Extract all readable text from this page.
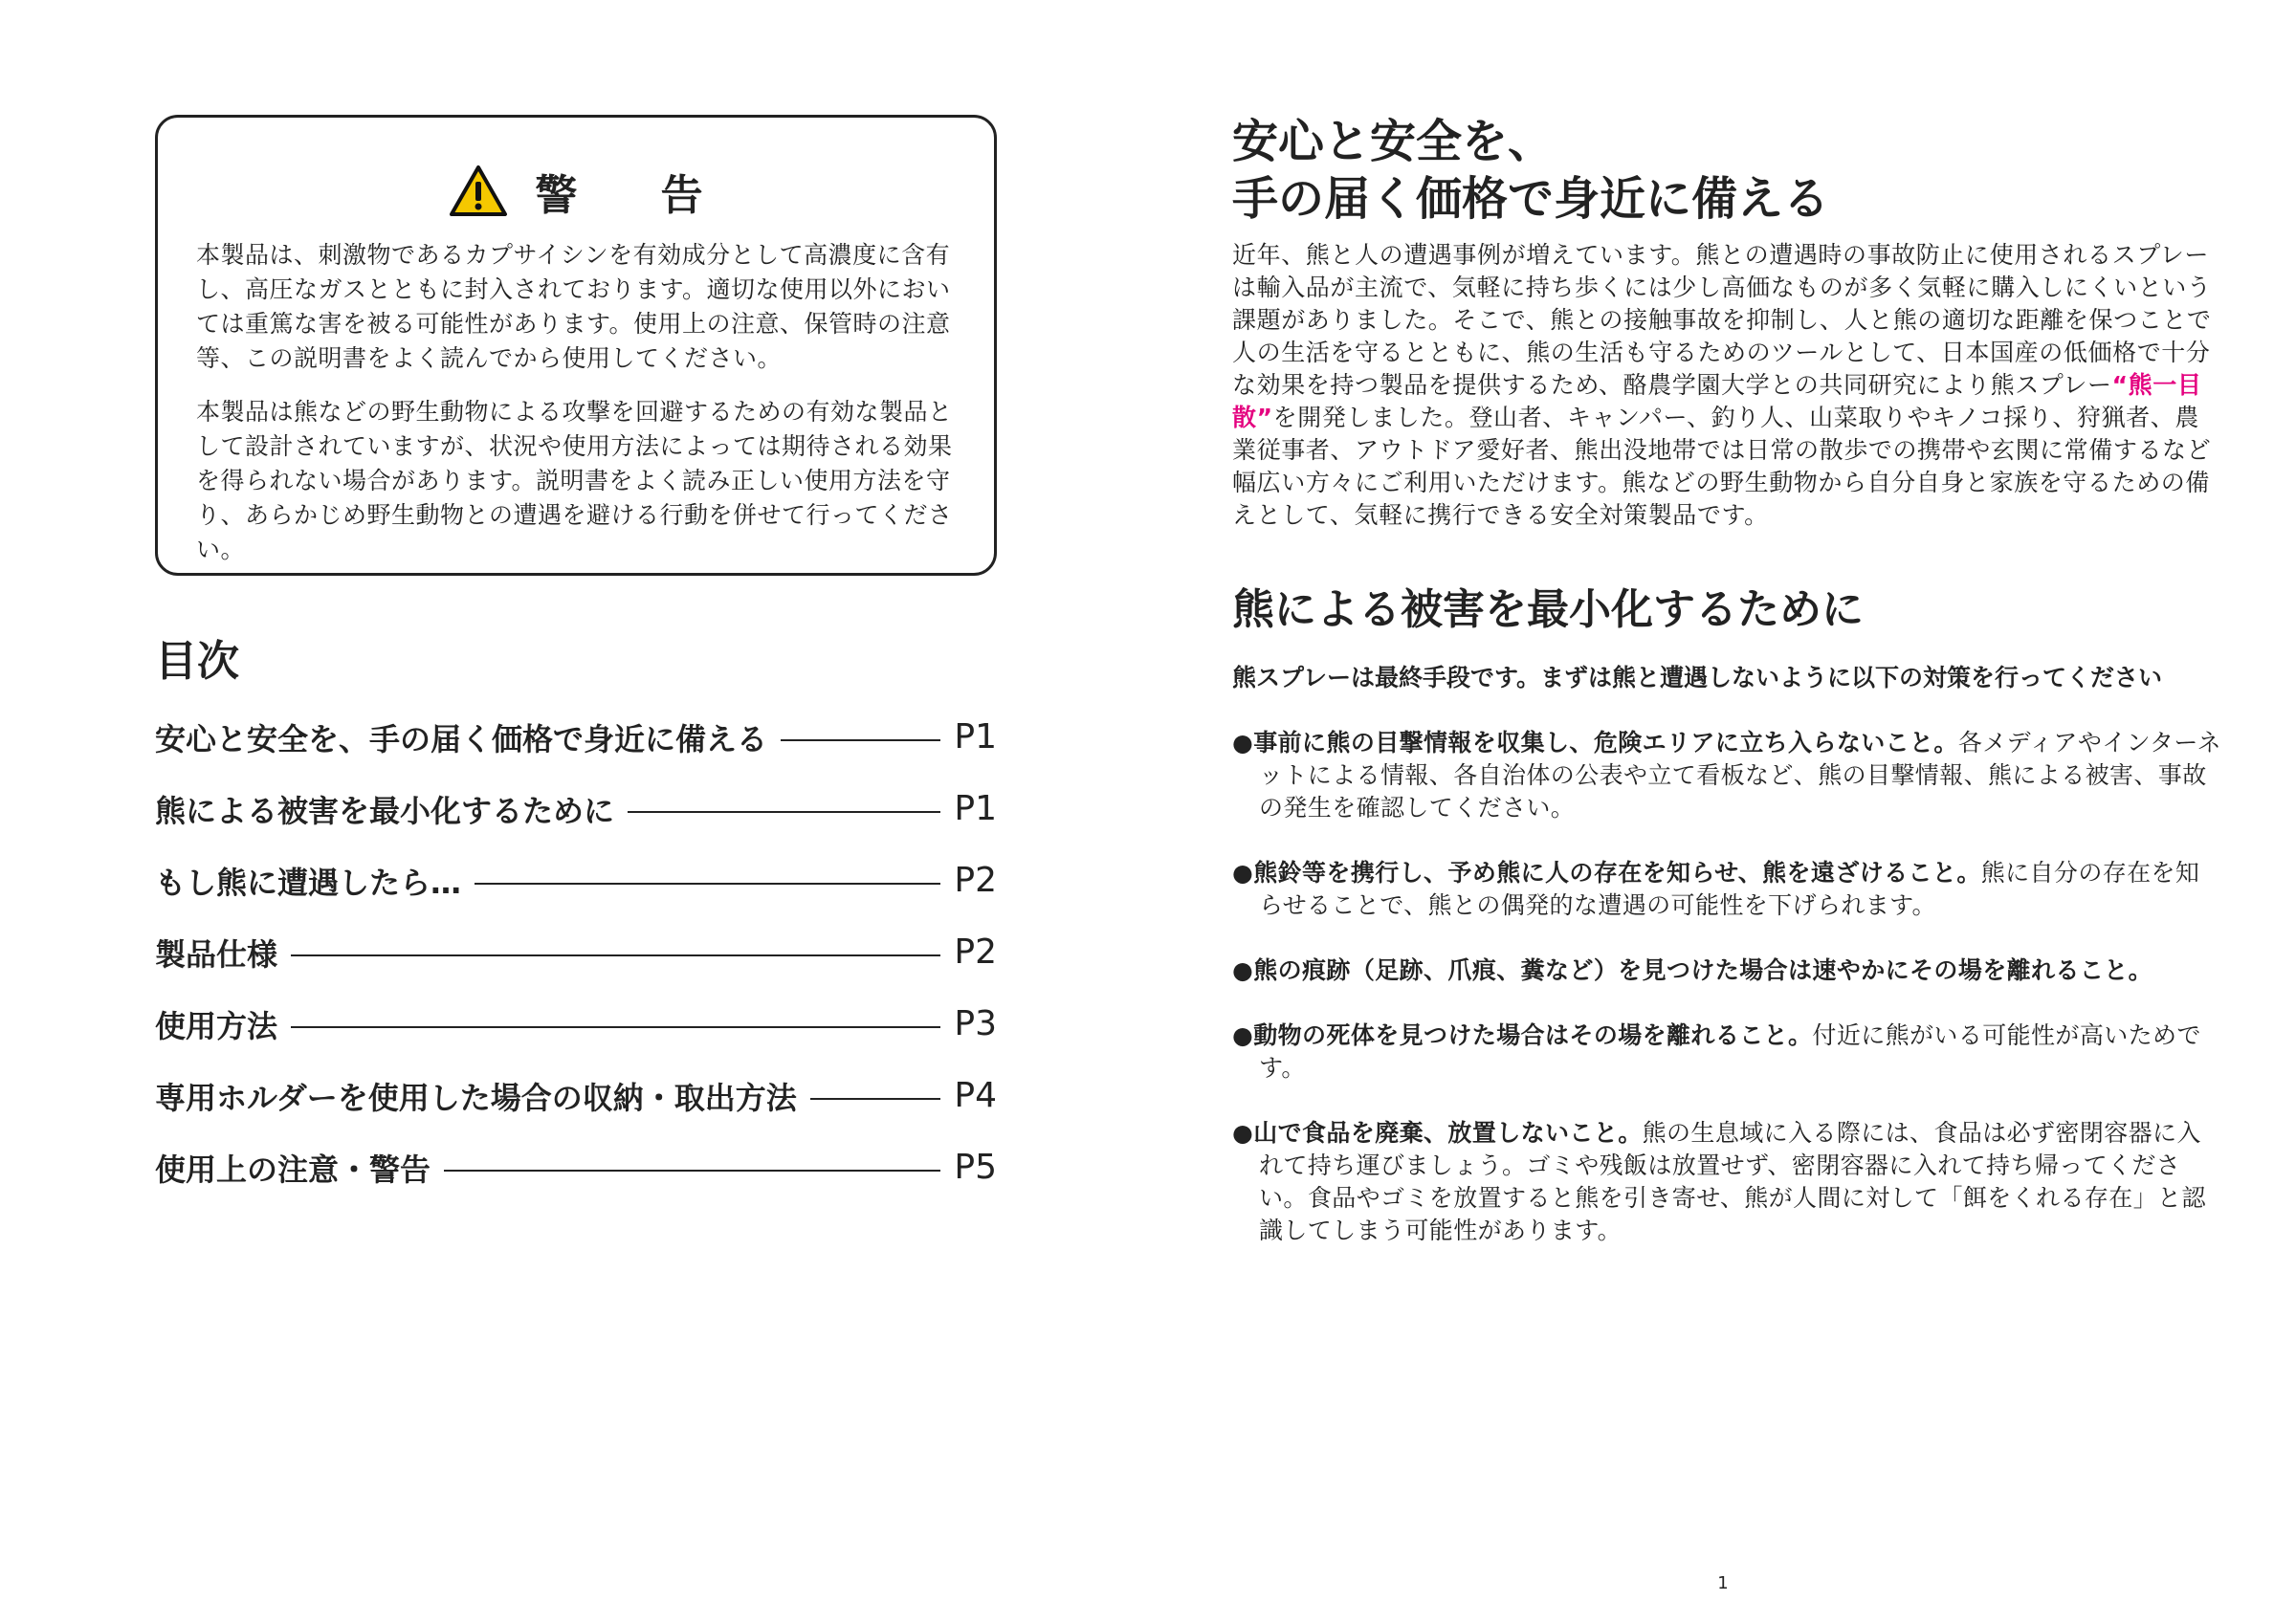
警 告

本製品は、刺激物であるカプサイシンを有効成分として高濃度に含有し、高圧なガスとともに封入されております。適切な使用以外においては重篤な害を被る可能性があります。使用上の注意、保管時の注意等、この説明書をよく読んでから使用してください。

本製品は熊などの野生動物による攻撃を回避するための有効な製品として設計されていますが、状況や使用方法によっては期待される効果を得られない場合があります。説明書をよく読み正しい使用方法を守り、あらかじめ野生動物との遭遇を避ける行動を併せて行ってください。

目次
安心と安全を、手の届く価格で身近に備える	P1
熊による被害を最小化するために	P1
もし熊に遭遇したら…	P2
製品仕様	P2
使用方法	P3
専用ホルダーを使用した場合の収納・取出方法	P4
使用上の注意・警告	P5
安心と安全を、
手の届く価格で身近に備える

近年、熊と人の遭遇事例が増えています。熊との遭遇時の事故防止に使用されるスプレーは輸入品が主流で、気軽に持ち歩くには少し高価なものが多く気軽に購入しにくいという課題がありました。そこで、熊との接触事故を抑制し、人と熊の適切な距離を保つことで人の生活を守るとともに、熊の生活も守るためのツールとして、日本国産の低価格で十分な効果を持つ製品を提供するため、酪農学園大学との共同研究により熊スプレー“熊一目散”を開発しました。登山者、キャンパー、釣り人、山菜取りやキノコ採り、狩猟者、農業従事者、アウトドア愛好者、熊出没地帯では日常の散歩での携帯や玄関に常備するなど幅広い方々にご利用いただけます。熊などの野生動物から自分自身と家族を守るための備えとして、気軽に携行できる安全対策製品です。

熊による被害を最小化するために

熊スプレーは最終手段です。まずは熊と遭遇しないように以下の対策を行ってください

●事前に熊の目撃情報を収集し、危険エリアに立ち入らないこと。各メディアやインターネットによる情報、各自治体の公表や立て看板など、熊の目撃情報、熊による被害、事故の発生を確認してください。
●熊鈴等を携行し、予め熊に人の存在を知らせ、熊を遠ざけること。熊に自分の存在を知らせることで、熊との偶発的な遭遇の可能性を下げられます。
●熊の痕跡（足跡、爪痕、糞など）を見つけた場合は速やかにその場を離れること。
●動物の死体を見つけた場合はその場を離れること。付近に熊がいる可能性が高いためです。
●山で食品を廃棄、放置しないこと。熊の生息域に入る際には、食品は必ず密閉容器に入れて持ち運びましょう。ゴミや残飯は放置せず、密閉容器に入れて持ち帰ってください。食品やゴミを放置すると熊を引き寄せ、熊が人間に対して「餌をくれる存在」と認識してしまう可能性があります。
1
